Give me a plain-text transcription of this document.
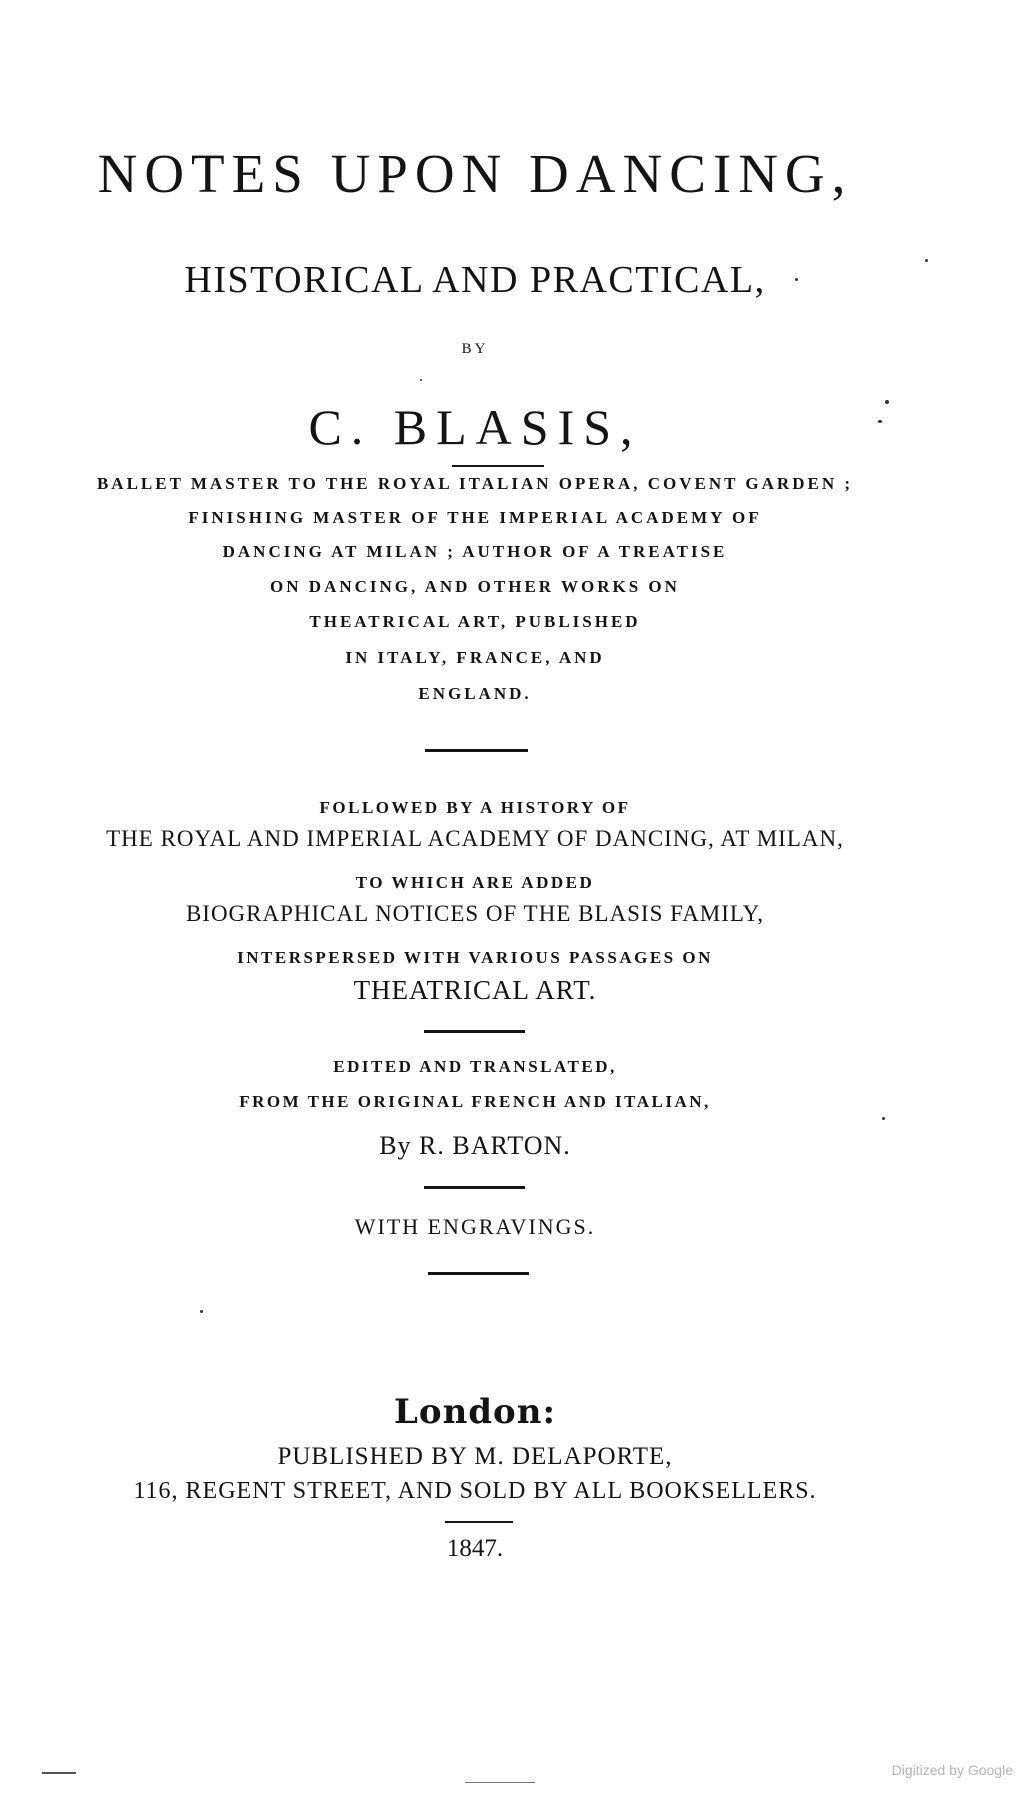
NOTES UPON DANCING,
HISTORICAL AND PRACTICAL,
BY
C. BLASIS,
BALLET MASTER TO THE ROYAL ITALIAN OPERA, COVENT GARDEN ;
FINISHING MASTER OF THE IMPERIAL ACADEMY OF
DANCING AT MILAN ; AUTHOR OF A TREATISE
ON DANCING, AND OTHER WORKS ON
THEATRICAL ART, PUBLISHED
IN ITALY, FRANCE, AND
ENGLAND.
FOLLOWED BY A HISTORY OF
THE ROYAL AND IMPERIAL ACADEMY OF DANCING, AT MILAN,
TO WHICH ARE ADDED
BIOGRAPHICAL NOTICES OF THE BLASIS FAMILY,
INTERSPERSED WITH VARIOUS PASSAGES ON
THEATRICAL ART.
EDITED AND TRANSLATED,
FROM THE ORIGINAL FRENCH AND ITALIAN,
By R. BARTON.
WITH ENGRAVINGS.
London:
PUBLISHED BY M. DELAPORTE,
116, REGENT STREET, AND SOLD BY ALL BOOKSELLERS.
1847.
Digitized by Google
